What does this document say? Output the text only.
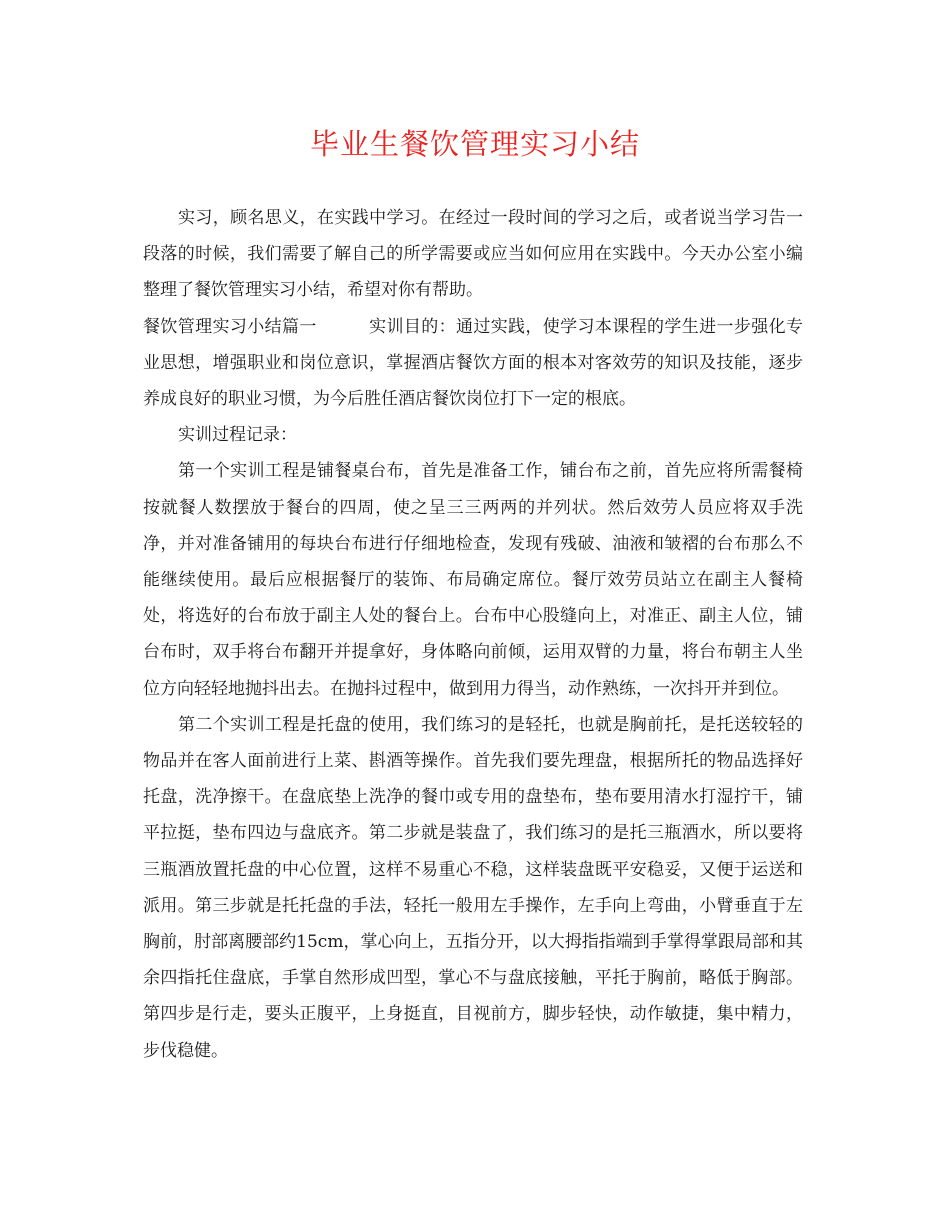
毕业生餐饮管理实习小结

实习，顾名思义，在实践中学习。在经过一段时间的学习之后，或者说当学习告一段落的时候，我们需要了解自己的所学需要或应当如何应用在实践中。今天办公室小编整理了餐饮管理实习小结，希望对你有帮助。

餐饮管理实习小结篇一	实训目的：通过实践，使学习本课程的学生进一步强化专业思想，增强职业和岗位意识，掌握酒店餐饮方面的根本对客效劳的知识及技能，逐步养成良好的职业习惯，为今后胜任酒店餐饮岗位打下一定的根底。

实训过程记录：

第一个实训工程是铺餐桌台布，首先是准备工作，铺台布之前，首先应将所需餐椅按就餐人数摆放于餐台的四周，使之呈三三两两的并列状。然后效劳人员应将双手洗净，并对准备铺用的每块台布进行仔细地检查，发现有残破、油液和皱褶的台布那么不能继续使用。最后应根据餐厅的装饰、布局确定席位。餐厅效劳员站立在副主人餐椅处，将选好的台布放于副主人处的餐台上。台布中心股缝向上，对准正、副主人位，铺台布时，双手将台布翻开并提拿好，身体略向前倾，运用双臂的力量，将台布朝主人坐位方向轻轻地抛抖出去。在抛抖过程中，做到用力得当，动作熟练，一次抖开并到位。

第二个实训工程是托盘的使用，我们练习的是轻托，也就是胸前托，是托送较轻的物品并在客人面前进行上菜、斟酒等操作。首先我们要先理盘，根据所托的物品选择好托盘，洗净擦干。在盘底垫上洗净的餐巾或专用的盘垫布，垫布要用清水打湿拧干，铺平拉挺，垫布四边与盘底齐。第二步就是装盘了，我们练习的是托三瓶酒水，所以要将三瓶酒放置托盘的中心位置，这样不易重心不稳，这样装盘既平安稳妥，又便于运送和派用。第三步就是托托盘的手法，轻托一般用左手操作，左手向上弯曲，小臂垂直于左胸前，肘部离腰部约15cm，掌心向上，五指分开，以大拇指指端到手掌得掌跟局部和其余四指托住盘底，手掌自然形成凹型，掌心不与盘底接触，平托于胸前，略低于胸部。第四步是行走，要头正腹平，上身挺直，目视前方，脚步轻快，动作敏捷，集中精力，步伐稳健。
